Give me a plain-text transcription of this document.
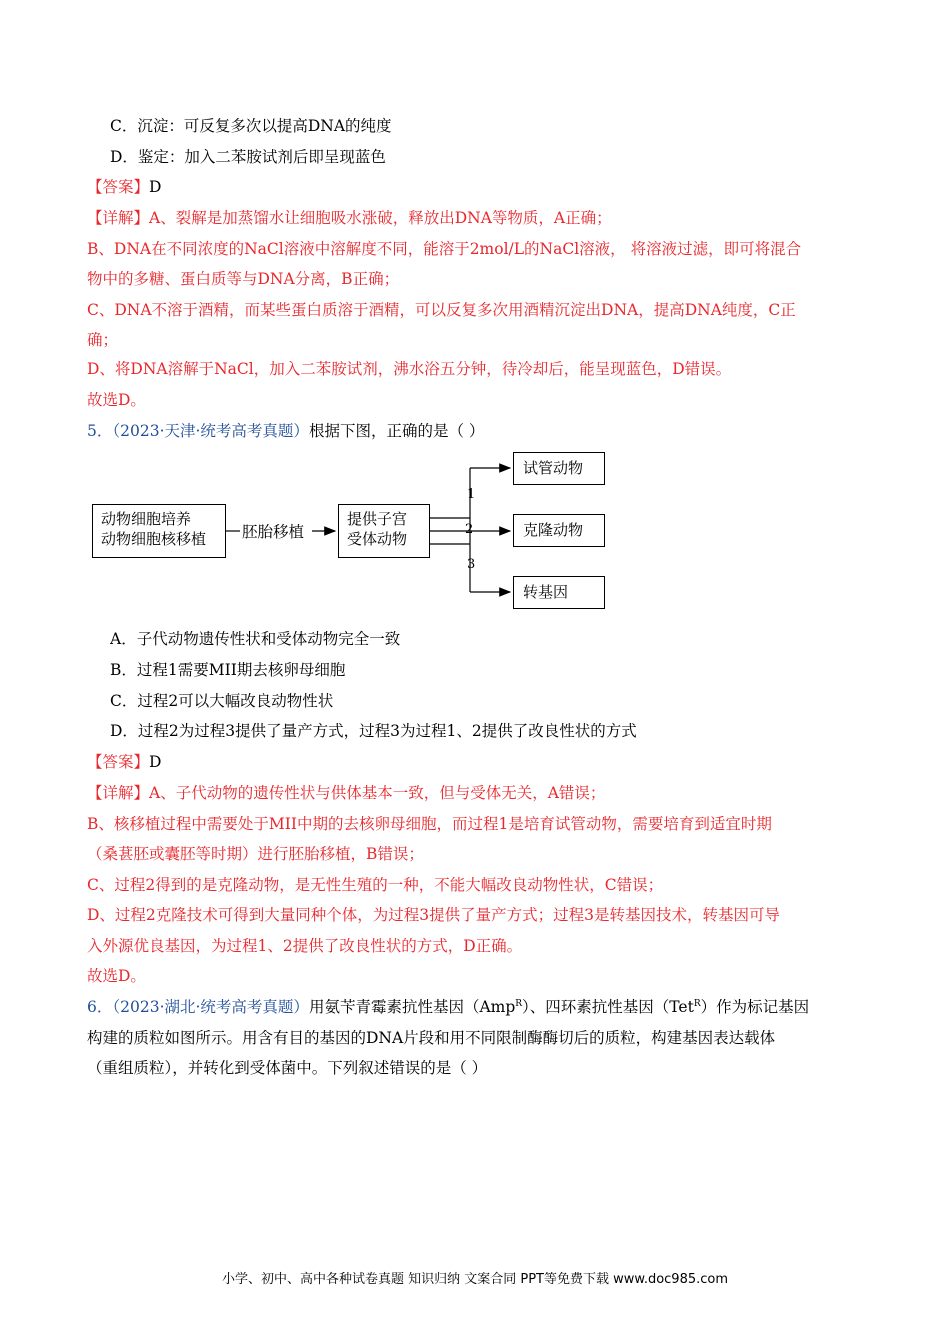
C．沉淀：可反复多次以提高DNA的纯度
D．鉴定：加入二苯胺试剂后即呈现蓝色
【答案】D
【详解】A、裂解是加蒸馏水让细胞吸水涨破，释放出DNA等物质，A正确；
B、DNA在不同浓度的NaCl溶液中溶解度不同，能溶于2mol/L的NaCl溶液， 将溶液过滤，即可将混合
物中的多糖、蛋白质等与DNA分离，B正确；
C、DNA不溶于酒精，而某些蛋白质溶于酒精，可以反复多次用酒精沉淀出DNA，提高DNA纯度，C正
确；
D、将DNA溶解于NaCl，加入二苯胺试剂，沸水浴五分钟，待冷却后，能呈现蓝色，D错误。
故选D。
5．（2023·天津·统考高考真题）根据下图，正确的是（ ）
动物细胞培养
动物细胞核移植	胚胎移植
提供子宫
受体动物
试管动物
克隆动物
转基因
1
2
3
A．子代动物遗传性状和受体动物完全一致
B．过程1需要MII期去核卵母细胞
C．过程2可以大幅改良动物性状
D．过程2为过程3提供了量产方式，过程3为过程1、2提供了改良性状的方式
【答案】D
【详解】A、子代动物的遗传性状与供体基本一致，但与受体无关，A错误；
B、核移植过程中需要处于MII中期的去核卵母细胞，而过程1是培育试管动物，需要培育到适宜时期
（桑葚胚或囊胚等时期）进行胚胎移植，B错误；
C、过程2得到的是克隆动物，是无性生殖的一种，不能大幅改良动物性状，C错误；
D、过程2克隆技术可得到大量同种个体，为过程3提供了量产方式；过程3是转基因技术，转基因可导
入外源优良基因，为过程1、2提供了改良性状的方式，D正确。
故选D。
6．（2023·湖北·统考高考真题）用氨苄青霉素抗性基因（Amp$^R$）、四环素抗性基因（Tet$^R$）作为标记基因
构建的质粒如图所示。用含有目的基因的DNA片段和用不同限制酶酶切后的质粒，构建基因表达载体
（重组质粒），并转化到受体菌中。下列叙述错误的是（ ）
小学、初中、高中各种试卷真题 知识归纳 文案合同 PPT等免费下载 www.doc985.com
